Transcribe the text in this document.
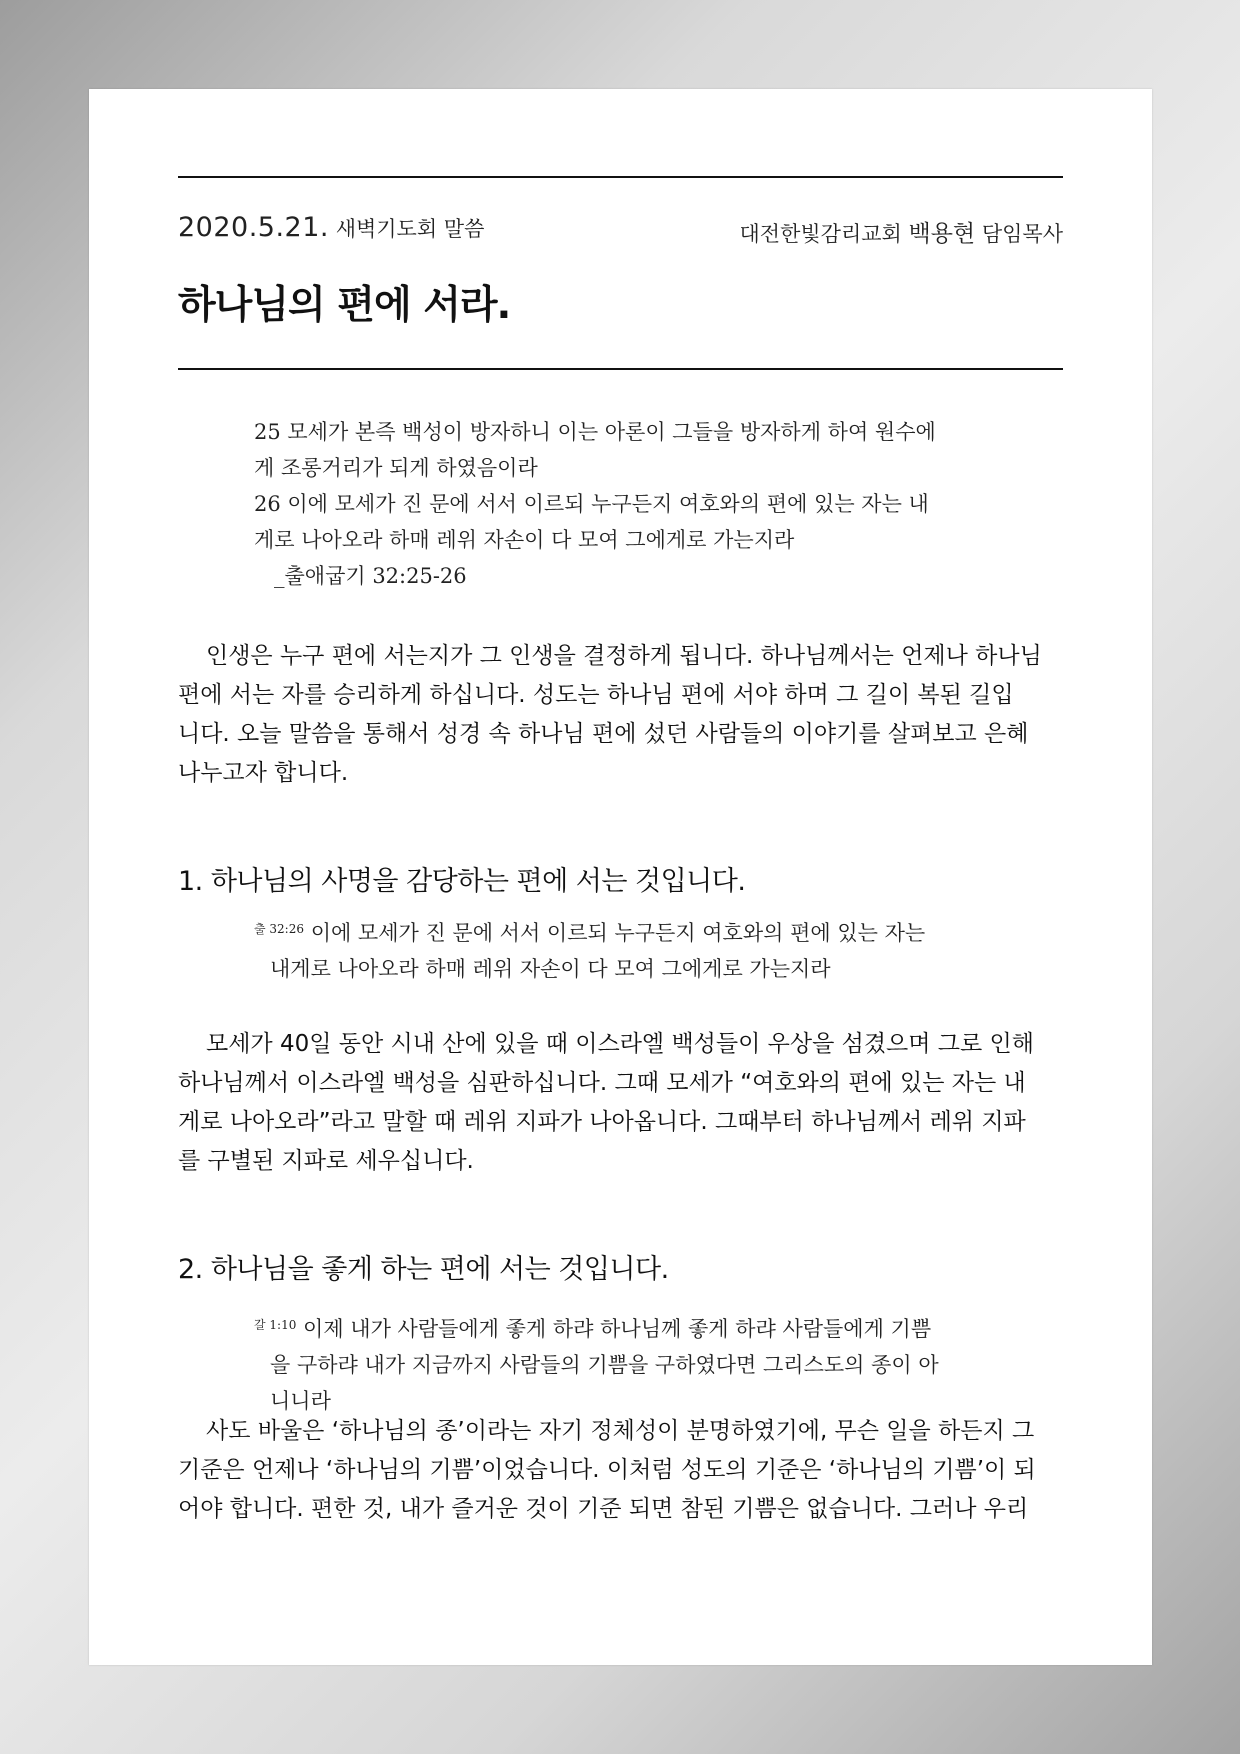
2020.5.21. 새벽기도회 말씀	대전한빛감리교회 백용현 담임목사
하나님의 편에 서라.

25 모세가 본즉 백성이 방자하니 이는 아론이 그들을 방자하게 하여 원수에

게 조롱거리가 되게 하였음이라

26 이에 모세가 진 문에 서서 이르되 누구든지 여호와의 편에 있는 자는 내

게로 나아오라 하매 레위 자손이 다 모여 그에게로 가는지라

_출애굽기 32:25-26

인생은 누구 편에 서는지가 그 인생을 결정하게 됩니다. 하나님께서는 언제나 하나님
편에 서는 자를 승리하게 하십니다. 성도는 하나님 편에 서야 하며 그 길이 복된 길입
니다. 오늘 말씀을 통해서 성경 속 하나님 편에 섰던 사람들의 이야기를 살펴보고 은혜
나누고자 합니다.

1. 하나님의 사명을 감당하는 편에 서는 것입니다.

$^{출 32:26}$ 이에 모세가 진 문에 서서 이르되 누구든지 여호와의 편에 있는 자는

내게로 나아오라 하매 레위 자손이 다 모여 그에게로 가는지라

모세가 40일 동안 시내 산에 있을 때 이스라엘 백성들이 우상을 섬겼으며 그로 인해
하나님께서 이스라엘 백성을 심판하십니다. 그때 모세가 “여호와의 편에 있는 자는 내
게로 나아오라”라고 말할 때 레위 지파가 나아옵니다. 그때부터 하나님께서 레위 지파
를 구별된 지파로 세우십니다.

2. 하나님을 좋게 하는 편에 서는 것입니다.

$^{갈 1:10}$ 이제 내가 사람들에게 좋게 하랴 하나님께 좋게 하랴 사람들에게 기쁨

을 구하랴 내가 지금까지 사람들의 기쁨을 구하였다면 그리스도의 종이 아

니니라

사도 바울은 ‘하나님의 종’이라는 자기 정체성이 분명하였기에, 무슨 일을 하든지 그
기준은 언제나 ‘하나님의 기쁨’이었습니다. 이처럼 성도의 기준은 ‘하나님의 기쁨’이 되
어야 합니다. 편한 것, 내가 즐거운 것이 기준 되면 참된 기쁨은 없습니다. 그러나 우리
